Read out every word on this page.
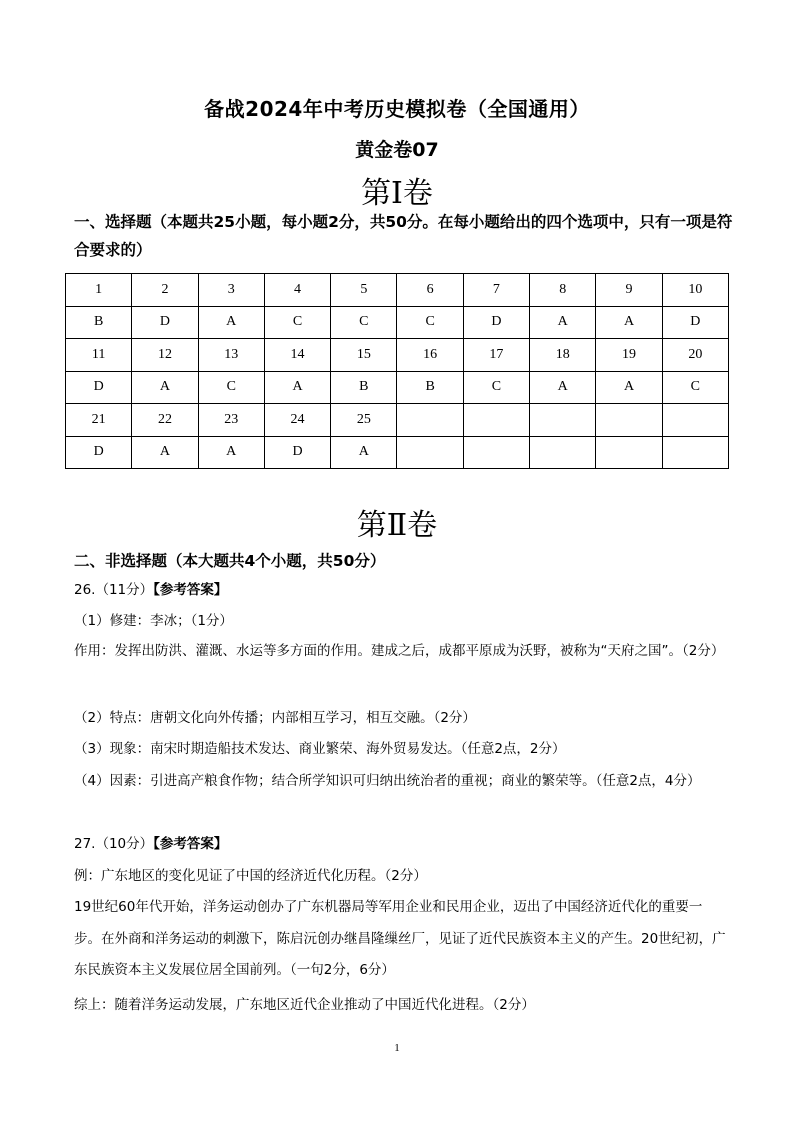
备战2024年中考历史模拟卷（全国通用）
黄金卷07
第Ⅰ卷
一、选择题（本题共25小题，每小题2分，共50分。在每小题给出的四个选项中，只有一项是符合要求的）
1	2	3	4	5	6	7	8	9	10
B	D	A	C	C	C	D	A	A	D
11	12	13	14	15	16	17	18	19	20
D	A	C	A	B	B	C	A	A	C
21	22	23	24	25					
D	A	A	D	A					
第Ⅱ卷
二、非选择题（本大题共4个小题，共50分）
26.（11分）【参考答案】
（1）修建：李冰；（1分）
作用：发挥出防洪、灌溉、水运等多方面的作用。建成之后，成都平原成为沃野，被称为“天府之国”。（2分）
（2）特点：唐朝文化向外传播；内部相互学习，相互交融。（2分）
（3）现象：南宋时期造船技术发达、商业繁荣、海外贸易发达。（任意2点，2分）
（4）因素：引进高产粮食作物；结合所学知识可归纳出统治者的重视；商业的繁荣等。（任意2点，4分）
27.（10分）【参考答案】
例：广东地区的变化见证了中国的经济近代化历程。（2分）
19世纪60年代开始，洋务运动创办了广东机器局等军用企业和民用企业，迈出了中国经济近代化的重要一步。在外商和洋务运动的刺激下，陈启沅创办继昌隆缫丝厂，见证了近代民族资本主义的产生。20世纪初，广东民族资本主义发展位居全国前列。（一句2分，6分）
综上：随着洋务运动发展，广东地区近代企业推动了中国近代化进程。（2分）
1
